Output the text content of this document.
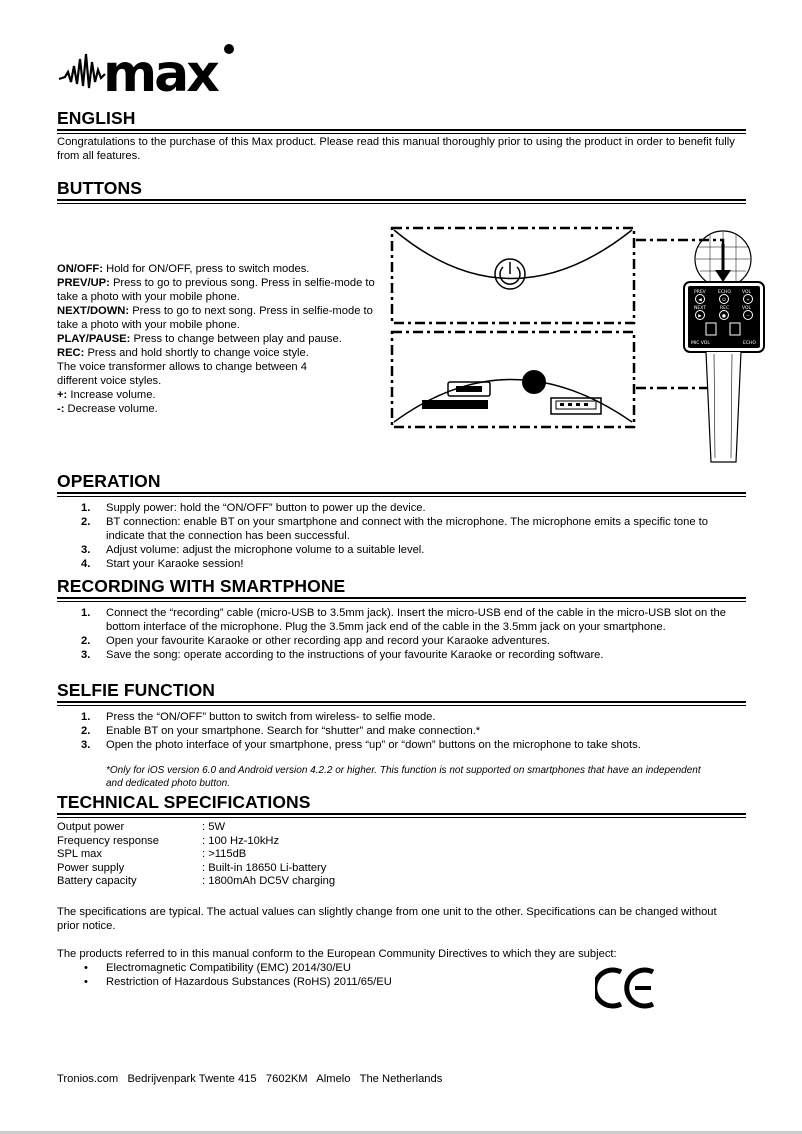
max
ENGLISH
Congratulations to the purchase of this Max product. Please read this manual thoroughly prior to using the product in order to benefit fully from all features.
BUTTONS
ON/OFF: Hold for ON/OFF, press to switch modes.
PREV/UP: Press to go to previous song. Press in selfie-mode to take a photo with your mobile phone.
NEXT/DOWN: Press to go to next song. Press in selfie-mode to take a photo with your mobile phone.
PLAY/PAUSE: Press to change between play and pause.
REC: Press and hold shortly to change voice style.
The voice transformer allows to change between 4 different voice styles.
+: Increase volume.
-: Decrease volume.
PREV	ECHO VOL
NEXT	REC	VOL
MIC VOL	ECHO
◀	⏻	+
▶	●	−
OPERATION
1. Supply power: hold the “ON/OFF” button to power up the device.
2. BT connection: enable BT on your smartphone and connect with the microphone. The microphone emits a specific tone to indicate that the connection has been successful.
3. Adjust volume: adjust the microphone volume to a suitable level.
4. Start your Karaoke session!
RECORDING WITH SMARTPHONE
1. Connect the “recording” cable (micro-USB to 3.5mm jack). Insert the micro-USB end of the cable in the micro-USB slot on the bottom interface of the microphone. Plug the 3.5mm jack end of the cable in the 3.5mm jack on your smartphone.
2. Open your favourite Karaoke or other recording app and record your Karaoke adventures.
3. Save the song: operate according to the instructions of your favourite Karaoke or recording software.
SELFIE FUNCTION
1. Press the “ON/OFF” button to switch from wireless- to selfie mode.
2. Enable BT on your smartphone. Search for “shutter” and make connection.*
3. Open the photo interface of your smartphone, press “up” or “down” buttons on the microphone to take shots.
*Only for iOS version 6.0 and Android version 4.2.2 or higher. This function is not supported on smartphones that have an independent and dedicated photo button.
TECHNICAL SPECIFICATIONS
Output power	: 5W
Frequency response	: 100 Hz-10kHz
SPL max	: >115dB
Power supply	: Built-in 18650 Li-battery
Battery capacity	: 1800mAh DC5V charging
The specifications are typical. The actual values can slightly change from one unit to the other. Specifications can be changed without prior notice.
The products referred to in this manual conform to the European Community Directives to which they are subject:
• Electromagnetic Compatibility (EMC) 2014/30/EU
• Restriction of Hazardous Substances (RoHS) 2011/65/EU
Tronios.com   Bedrijvenpark Twente 415   7602KM   Almelo   The Netherlands
